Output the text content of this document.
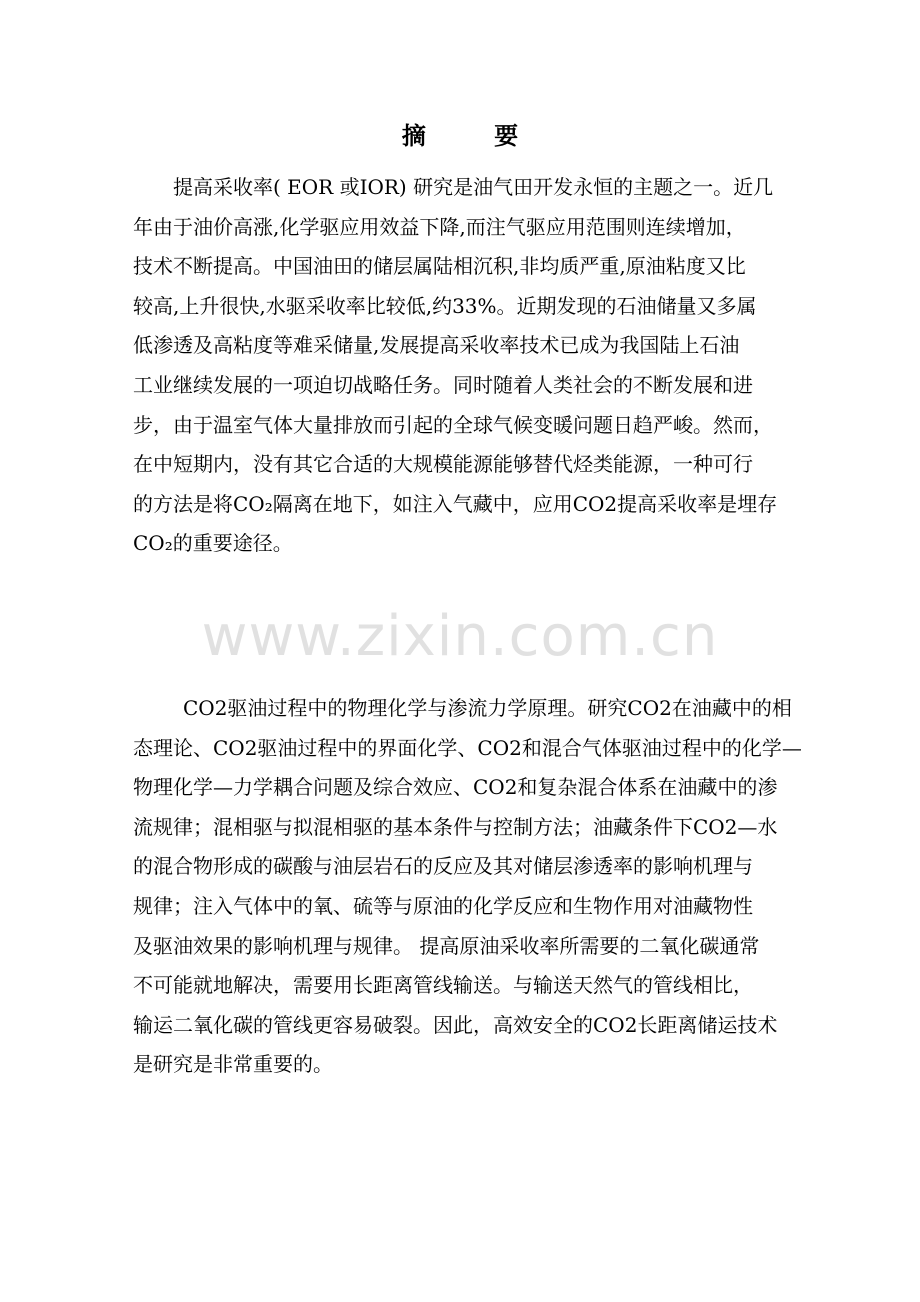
摘 要
提高采收率( EOR 或IOR) 研究是油气田开发永恒的主题之一。近几
年由于油价高涨,化学驱应用效益下降,而注气驱应用范围则连续增加，
技术不断提高。中国油田的储层属陆相沉积,非均质严重,原油粘度又比
较高,上升很快,水驱采收率比较低,约33%。近期发现的石油储量又多属
低渗透及高粘度等难采储量,发展提高采收率技术已成为我国陆上石油
工业继续发展的一项迫切战略任务。同时随着人类社会的不断发展和进
步，由于温室气体大量排放而引起的全球气候变暖问题日趋严峻。然而，
在中短期内，没有其它合适的大规模能源能够替代烃类能源，一种可行
的方法是将CO₂隔离在地下，如注入气藏中，应用CO2提高采收率是埋存
CO₂的重要途径。
www.zixin.com.cn
CO2驱油过程中的物理化学与渗流力学原理。研究CO2在油藏中的相
态理论、CO2驱油过程中的界面化学、CO2和混合气体驱油过程中的化学—
物理化学—力学耦合问题及综合效应、CO2和复杂混合体系在油藏中的渗
流规律；混相驱与拟混相驱的基本条件与控制方法；油藏条件下CO2—水
的混合物形成的碳酸与油层岩石的反应及其对储层渗透率的影响机理与
规律；注入气体中的氧、硫等与原油的化学反应和生物作用对油藏物性
及驱油效果的影响机理与规律。 提高原油采收率所需要的二氧化碳通常
不可能就地解决，需要用长距离管线输送。与输送天然气的管线相比，
输运二氧化碳的管线更容易破裂。因此，高效安全的CO2长距离储运技术
是研究是非常重要的。
